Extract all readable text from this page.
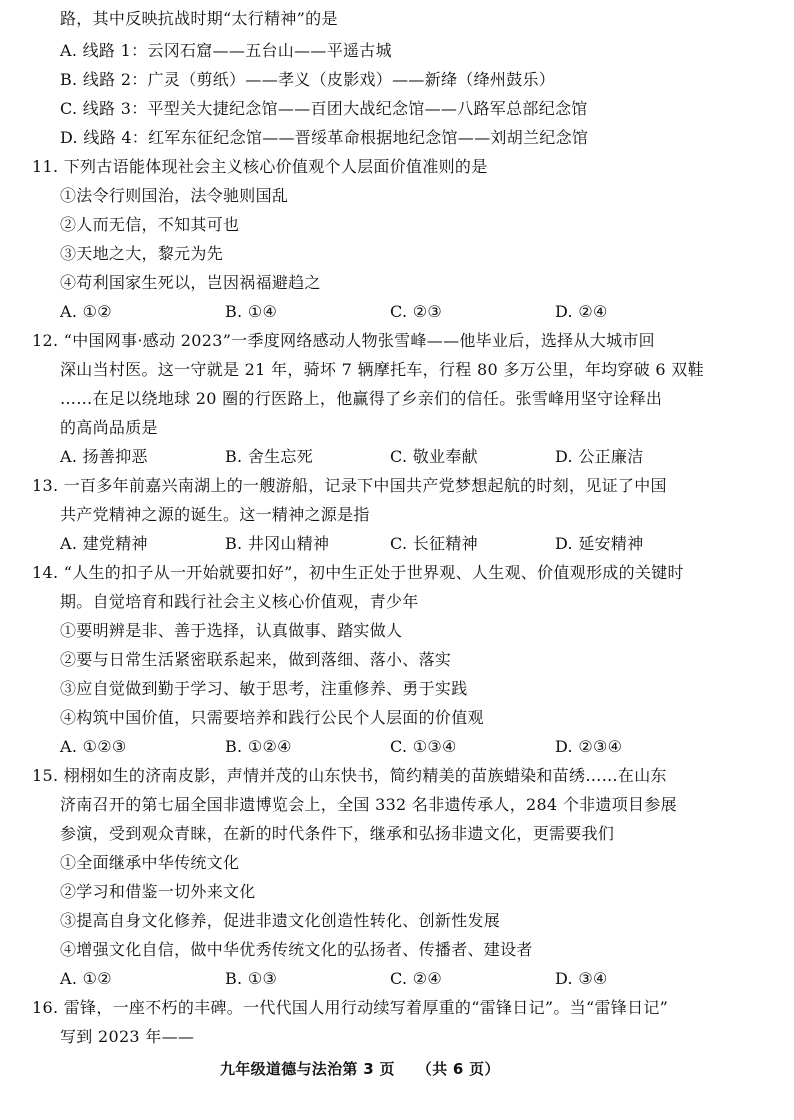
路，其中反映抗战时期“太行精神”的是
A. 线路 1：云冈石窟——五台山——平遥古城
B. 线路 2：广灵（剪纸）——孝义（皮影戏）——新绛（绛州鼓乐）
C. 线路 3：平型关大捷纪念馆——百团大战纪念馆——八路军总部纪念馆
D. 线路 4：红军东征纪念馆——晋绥革命根据地纪念馆——刘胡兰纪念馆
11. 下列古语能体现社会主义核心价值观个人层面价值准则的是
①法令行则国治，法令驰则国乱
②人而无信，不知其可也
③天地之大，黎元为先
④苟利国家生死以，岂因祸福避趋之
A. ①②	B. ①④	C. ②③	D. ②④
12. “中国网事·感动 2023”一季度网络感动人物张雪峰——他毕业后，选择从大城市回
深山当村医。这一守就是 21 年，骑坏 7 辆摩托车，行程 80 多万公里，年均穿破 6 双鞋
……在足以绕地球 20 圈的行医路上，他赢得了乡亲们的信任。张雪峰用坚守诠释出
的高尚品质是
A. 扬善抑恶	B. 舍生忘死	C. 敬业奉献	D. 公正廉洁
13. 一百多年前嘉兴南湖上的一艘游船，记录下中国共产党梦想起航的时刻，见证了中国
共产党精神之源的诞生。这一精神之源是指
A. 建党精神	B. 井冈山精神	C. 长征精神	D. 延安精神
14. “人生的扣子从一开始就要扣好”，初中生正处于世界观、人生观、价值观形成的关键时
期。自觉培育和践行社会主义核心价值观，青少年
①要明辨是非、善于选择，认真做事、踏实做人
②要与日常生活紧密联系起来，做到落细、落小、落实
③应自觉做到勤于学习、敏于思考，注重修养、勇于实践
④构筑中国价值，只需要培养和践行公民个人层面的价值观
A. ①②③	B. ①②④	C. ①③④	D. ②③④
15. 栩栩如生的济南皮影，声情并茂的山东快书，简约精美的苗族蜡染和苗绣……在山东
济南召开的第七届全国非遗博览会上，全国 332 名非遗传承人，284 个非遗项目参展
参演，受到观众青睐，在新的时代条件下，继承和弘扬非遗文化，更需要我们
①全面继承中华传统文化
②学习和借鉴一切外来文化
③提高自身文化修养，促进非遗文化创造性转化、创新性发展
④增强文化自信，做中华优秀传统文化的弘扬者、传播者、建设者
A. ①②	B. ①③	C. ②④	D. ③④
16. 雷锋，一座不朽的丰碑。一代代国人用行动续写着厚重的“雷锋日记”。当“雷锋日记”
写到 2023 年——
九年级道德与法治第 3 页 （共 6 页）
